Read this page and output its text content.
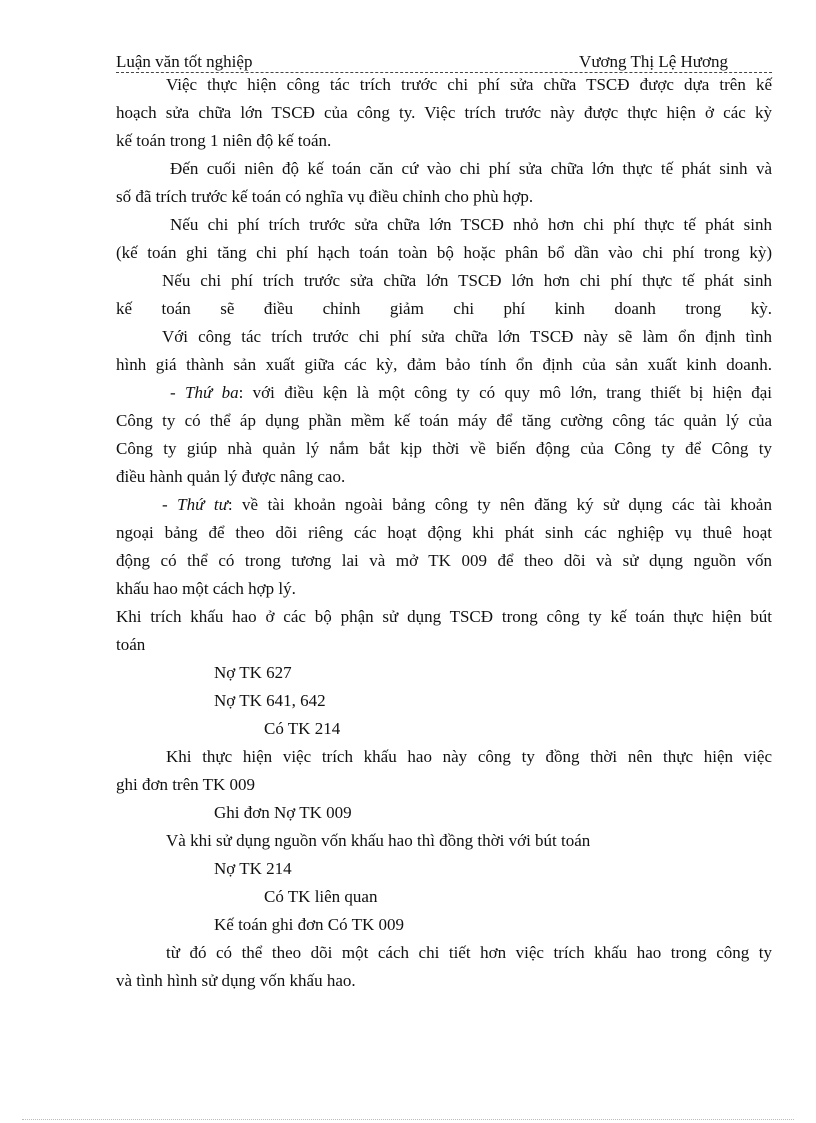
Luận văn tốt nghiệp	Vương Thị Lệ Hương
Việc thực hiện công tác trích trước chi phí sửa chữa TSCĐ được dựa trên kế
hoạch sửa chữa lớn TSCĐ của công ty. Việc trích trước này được thực hiện ở các kỳ
kế toán trong 1 niên độ kế toán.
Đến cuối niên độ kế toán căn cứ vào chi phí sửa chữa lớn thực tế phát sinh và
số đã trích trước kế toán có nghĩa vụ điều chỉnh cho phù hợp.
Nếu chi phí trích trước sửa chữa lớn TSCĐ nhỏ hơn chi phí thực tế phát sinh
(kế toán ghi tăng chi phí hạch toán toàn bộ hoặc phân bổ dần vào chi phí trong kỳ)
Nếu chi phí trích trước sửa chữa lớn TSCĐ lớn hơn chi phí thực tế phát sinh
kế toán sẽ điều chỉnh giảm chi phí kinh doanh trong kỳ.
Với công tác trích trước chi phí sửa chữa lớn TSCĐ này sẽ làm ổn định tình
hình giá thành sản xuất giữa các kỳ, đảm bảo tính ổn định của sản xuất kinh doanh.
- Thứ ba: với điều kện là một công ty có quy mô lớn, trang thiết bị hiện đại
Công ty có thể áp dụng phần mềm kế toán máy để tăng cường công tác quản lý của
Công ty giúp nhà quản lý nắm bắt kịp thời về biến động của Công ty để Công ty
điều hành quản lý được nâng cao.
- Thứ tư: về tài khoản ngoài bảng công ty nên đăng ký sử dụng các tài khoản
ngoại bảng để theo dõi riêng các hoạt động khi phát sinh các nghiệp vụ thuê hoạt
động có thể có trong tương lai và mở TK 009 để theo dõi và sử dụng nguồn vốn
khấu hao một cách hợp lý.
Khi trích khấu hao ở các bộ phận sử dụng TSCĐ trong công ty kế toán thực hiện bút
toán
Nợ TK 627
Nợ TK 641, 642
Có TK 214
Khi thực hiện việc trích khấu hao này công ty đồng thời nên thực hiện việc
ghi đơn trên TK 009
Ghi đơn Nợ TK 009
Và khi sử dụng nguồn vốn khấu hao thì đồng thời với bút toán
Nợ TK 214
Có TK liên quan
Kế toán ghi đơn Có TK 009
từ đó có thể theo dõi một cách chi tiết hơn việc trích khấu hao trong công ty
và tình hình sử dụng vốn khấu hao.
